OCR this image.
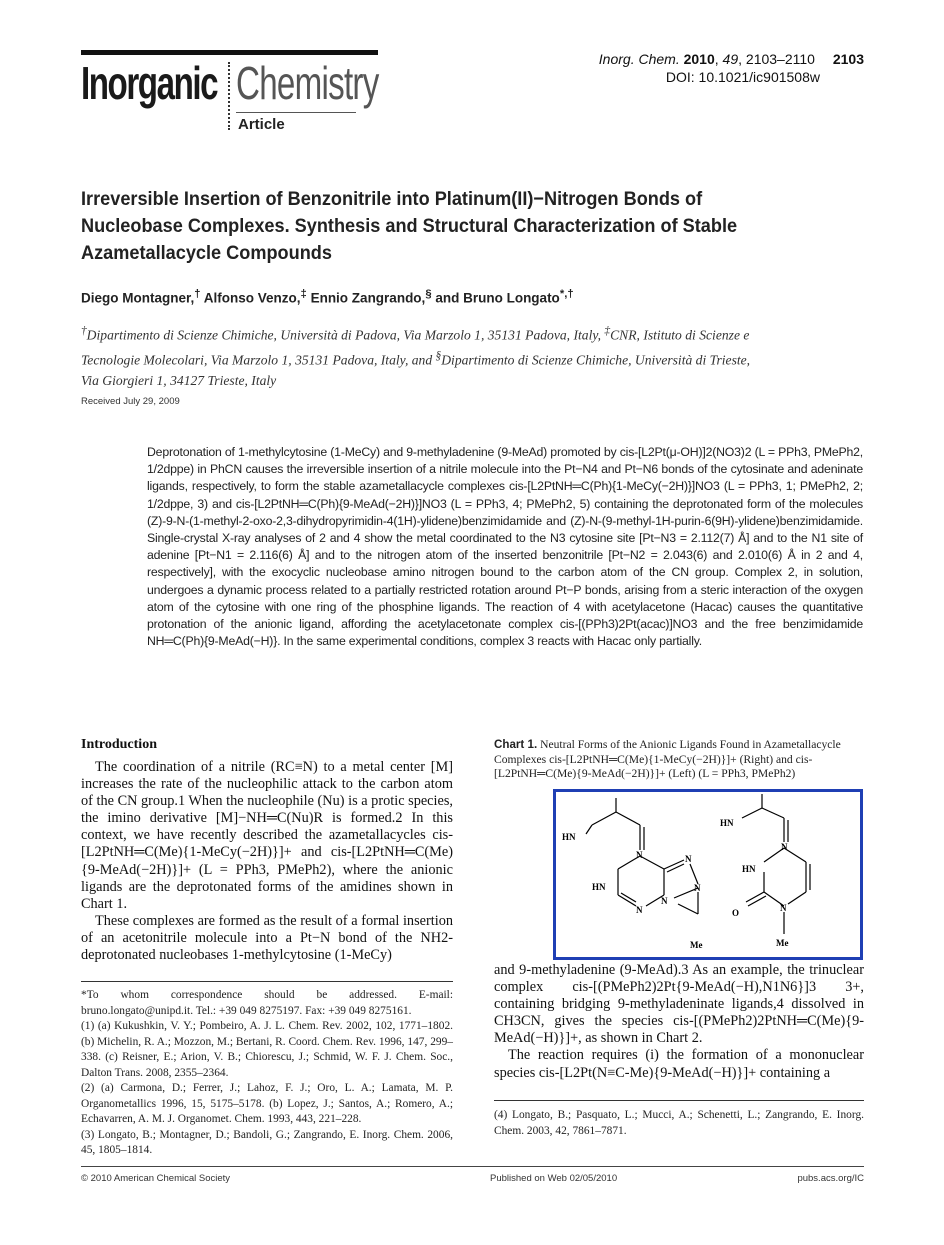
Inorganic Chemistry
Article
Inorg. Chem. 2010, 49, 2103–2110 2103
DOI: 10.1021/ic901508w
Irreversible Insertion of Benzonitrile into Platinum(II)−Nitrogen Bonds of Nucleobase Complexes. Synthesis and Structural Characterization of Stable Azametallacycle Compounds
Diego Montagner,† Alfonso Venzo,‡ Ennio Zangrando,§ and Bruno Longato*,†
†Dipartimento di Scienze Chimiche, Università di Padova, Via Marzolo 1, 35131 Padova, Italy, ‡CNR, Istituto di Scienze e Tecnologie Molecolari, Via Marzolo 1, 35131 Padova, Italy, and §Dipartimento di Scienze Chimiche, Università di Trieste, Via Giorgieri 1, 34127 Trieste, Italy
Received July 29, 2009
Deprotonation of 1-methylcytosine (1-MeCy) and 9-methyladenine (9-MeAd) promoted by cis-[L2Pt(μ-OH)]2(NO3)2 (L = PPh3, PMePh2, 1/2dppe) in PhCN causes the irreversible insertion of a nitrile molecule into the Pt−N4 and Pt−N6 bonds of the cytosinate and adeninate ligands, respectively, to form the stable azametallacycle complexes cis-[L2PtNH═C(Ph){1-MeCy(−2H)}]NO3 (L = PPh3, 1; PMePh2, 2; 1/2dppe, 3) and cis-[L2PtNH═C(Ph){9-MeAd(−2H)}]NO3 (L = PPh3, 4; PMePh2, 5) containing the deprotonated form of the molecules (Z)-9-N-(1-methyl-2-oxo-2,3-dihydropyrimidin-4(1H)-ylidene)benzimidamide and (Z)-N-(9-methyl-1H-purin-6(9H)-ylidene)benzimidamide. Single-crystal X-ray analyses of 2 and 4 show the metal coordinated to the N3 cytosine site [Pt−N3 = 2.112(7) Å] and to the N1 site of adenine [Pt−N1 = 2.116(6) Å] and to the nitrogen atom of the inserted benzonitrile [Pt−N2 = 2.043(6) and 2.010(6) Å in 2 and 4, respectively], with the exocyclic nucleobase amino nitrogen bound to the carbon atom of the CN group. Complex 2, in solution, undergoes a dynamic process related to a partially restricted rotation around Pt−P bonds, arising from a steric interaction of the oxygen atom of the cytosine with one ring of the phosphine ligands. The reaction of 4 with acetylacetone (Hacac) causes the quantitative protonation of the anionic ligand, affording the acetylacetonate complex cis-[(PPh3)2Pt(acac)]NO3 and the free benzimidamide NH═C(Ph){9-MeAd(−H)}. In the same experimental conditions, complex 3 reacts with Hacac only partially.
Introduction

The coordination of a nitrile (RC≡N) to a metal center [M] increases the rate of the nucleophilic attack to the carbon atom of the CN group.1 When the nucleophile (Nu) is a protic species, the imino derivative [M]−NH═C(Nu)R is formed.2 In this context, we have recently described the azametallacycles cis-[L2PtNH═C(Me){1-MeCy(−2H)}]+ and cis-[L2PtNH═C(Me){9-MeAd(−2H)}]+ (L = PPh3, PMePh2), where the anionic ligands are the deprotonated forms of the amidines shown in Chart 1.

These complexes are formed as the result of a formal insertion of an acetonitrile molecule into a Pt−N bond of the NH2-deprotonated nucleobases 1-methylcytosine (1-MeCy)

*To whom correspondence should be addressed. E-mail: bruno.longato@unipd.it. Tel.: +39 049 8275197. Fax: +39 049 8275161.

(1) (a) Kukushkin, V. Y.; Pombeiro, A. J. L. Chem. Rev. 2002, 102, 1771–1802. (b) Michelin, R. A.; Mozzon, M.; Bertani, R. Coord. Chem. Rev. 1996, 147, 299–338. (c) Reisner, E.; Arion, V. B.; Chiorescu, J.; Schmid, W. F. J. Chem. Soc., Dalton Trans. 2008, 2355–2364.

(2) (a) Carmona, D.; Ferrer, J.; Lahoz, F. J.; Oro, L. A.; Lamata, M. P. Organometallics 1996, 15, 5175–5178. (b) Lopez, J.; Santos, A.; Romero, A.; Echavarren, A. M. J. Organomet. Chem. 1993, 443, 221–228.

(3) Longato, B.; Montagner, D.; Bandoli, G.; Zangrando, E. Inorg. Chem. 2006, 45, 1805–1814.

Chart 1. Neutral Forms of the Anionic Ligands Found in Azametallacycle Complexes cis-[L2PtNH═C(Me){1-MeCy(−2H)}]+ (Right) and cis-[L2PtNH═C(Me){9-MeAd(−2H)}]+ (Left) (L = PPh3, PMePh2)
HN
N
HN
N
N
N
N
Me
HN
N
HN
O	N
Me

and 9-methyladenine (9-MeAd).3 As an example, the trinuclear complex cis-[(PMePh2)2Pt{9-MeAd(−H),N1N6}]3 3+, containing bridging 9-methyladeninate ligands,4 dissolved in CH3CN, gives the species cis-[(PMePh2)2PtNH═C(Me){9-MeAd(−H)}]+, as shown in Chart 2.

The reaction requires (i) the formation of a mononuclear species cis-[L2Pt(N≡C-Me){9-MeAd(−H)}]+ containing a

(4) Longato, B.; Pasquato, L.; Mucci, A.; Schenetti, L.; Zangrando, E. Inorg. Chem. 2003, 42, 7861–7871.

© 2010 American Chemical Society	Published on Web 02/05/2010	pubs.acs.org/IC
